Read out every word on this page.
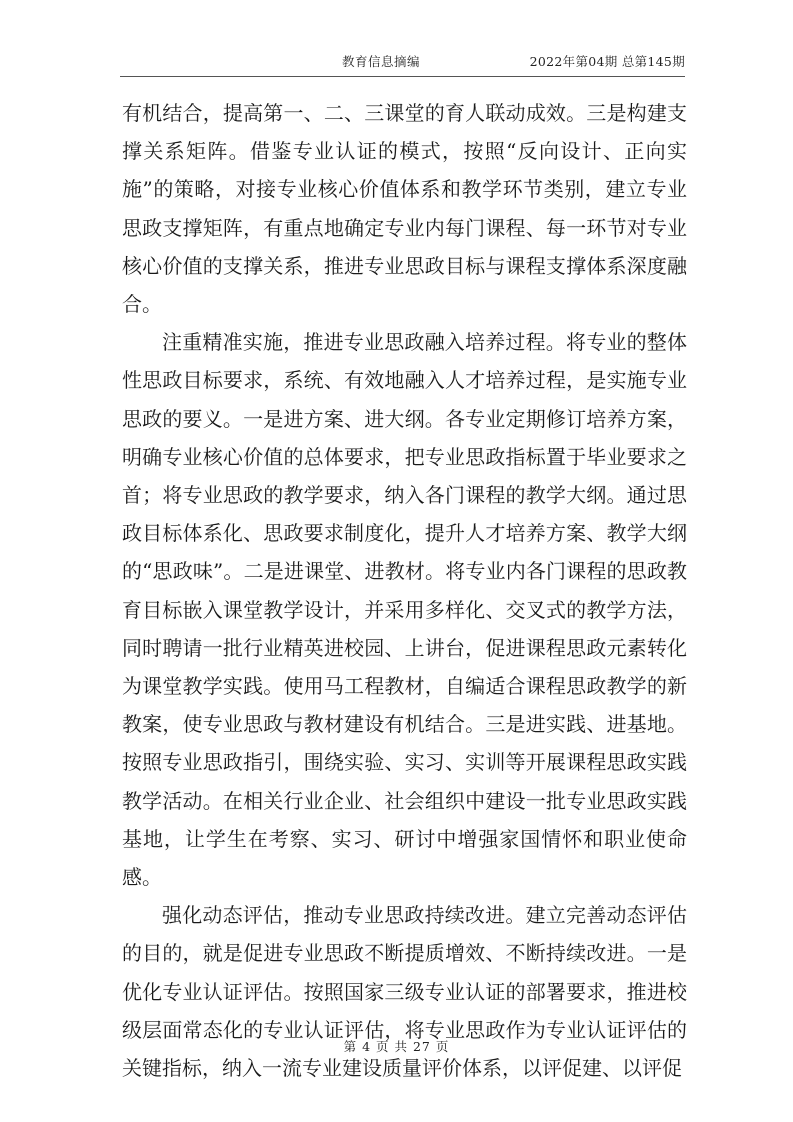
教育信息摘编	2022年第04期 总第145期

有机结合，提高第一、二、三课堂的育人联动成效。三是构建支撑关系矩阵。借鉴专业认证的模式，按照“反向设计、正向实施”的策略，对接专业核心价值体系和教学环节类别，建立专业思政支撑矩阵，有重点地确定专业内每门课程、每一环节对专业核心价值的支撑关系，推进专业思政目标与课程支撑体系深度融合。

注重精准实施，推进专业思政融入培养过程。将专业的整体性思政目标要求，系统、有效地融入人才培养过程，是实施专业思政的要义。一是进方案、进大纲。各专业定期修订培养方案，明确专业核心价值的总体要求，把专业思政指标置于毕业要求之首；将专业思政的教学要求，纳入各门课程的教学大纲。通过思政目标体系化、思政要求制度化，提升人才培养方案、教学大纲的“思政味”。二是进课堂、进教材。将专业内各门课程的思政教育目标嵌入课堂教学设计，并采用多样化、交叉式的教学方法，同时聘请一批行业精英进校园、上讲台，促进课程思政元素转化为课堂教学实践。使用马工程教材，自编适合课程思政教学的新教案，使专业思政与教材建设有机结合。三是进实践、进基地。按照专业思政指引，围绕实验、实习、实训等开展课程思政实践教学活动。在相关行业企业、社会组织中建设一批专业思政实践基地，让学生在考察、实习、研讨中增强家国情怀和职业使命感。

强化动态评估，推动专业思政持续改进。建立完善动态评估的目的，就是促进专业思政不断提质增效、不断持续改进。一是优化专业认证评估。按照国家三级专业认证的部署要求，推进校级层面常态化的专业认证评估，将专业思政作为专业认证评估的关键指标，纳入一流专业建设质量评价体系，以评促建、以评促

第 4 页 共 27 页
